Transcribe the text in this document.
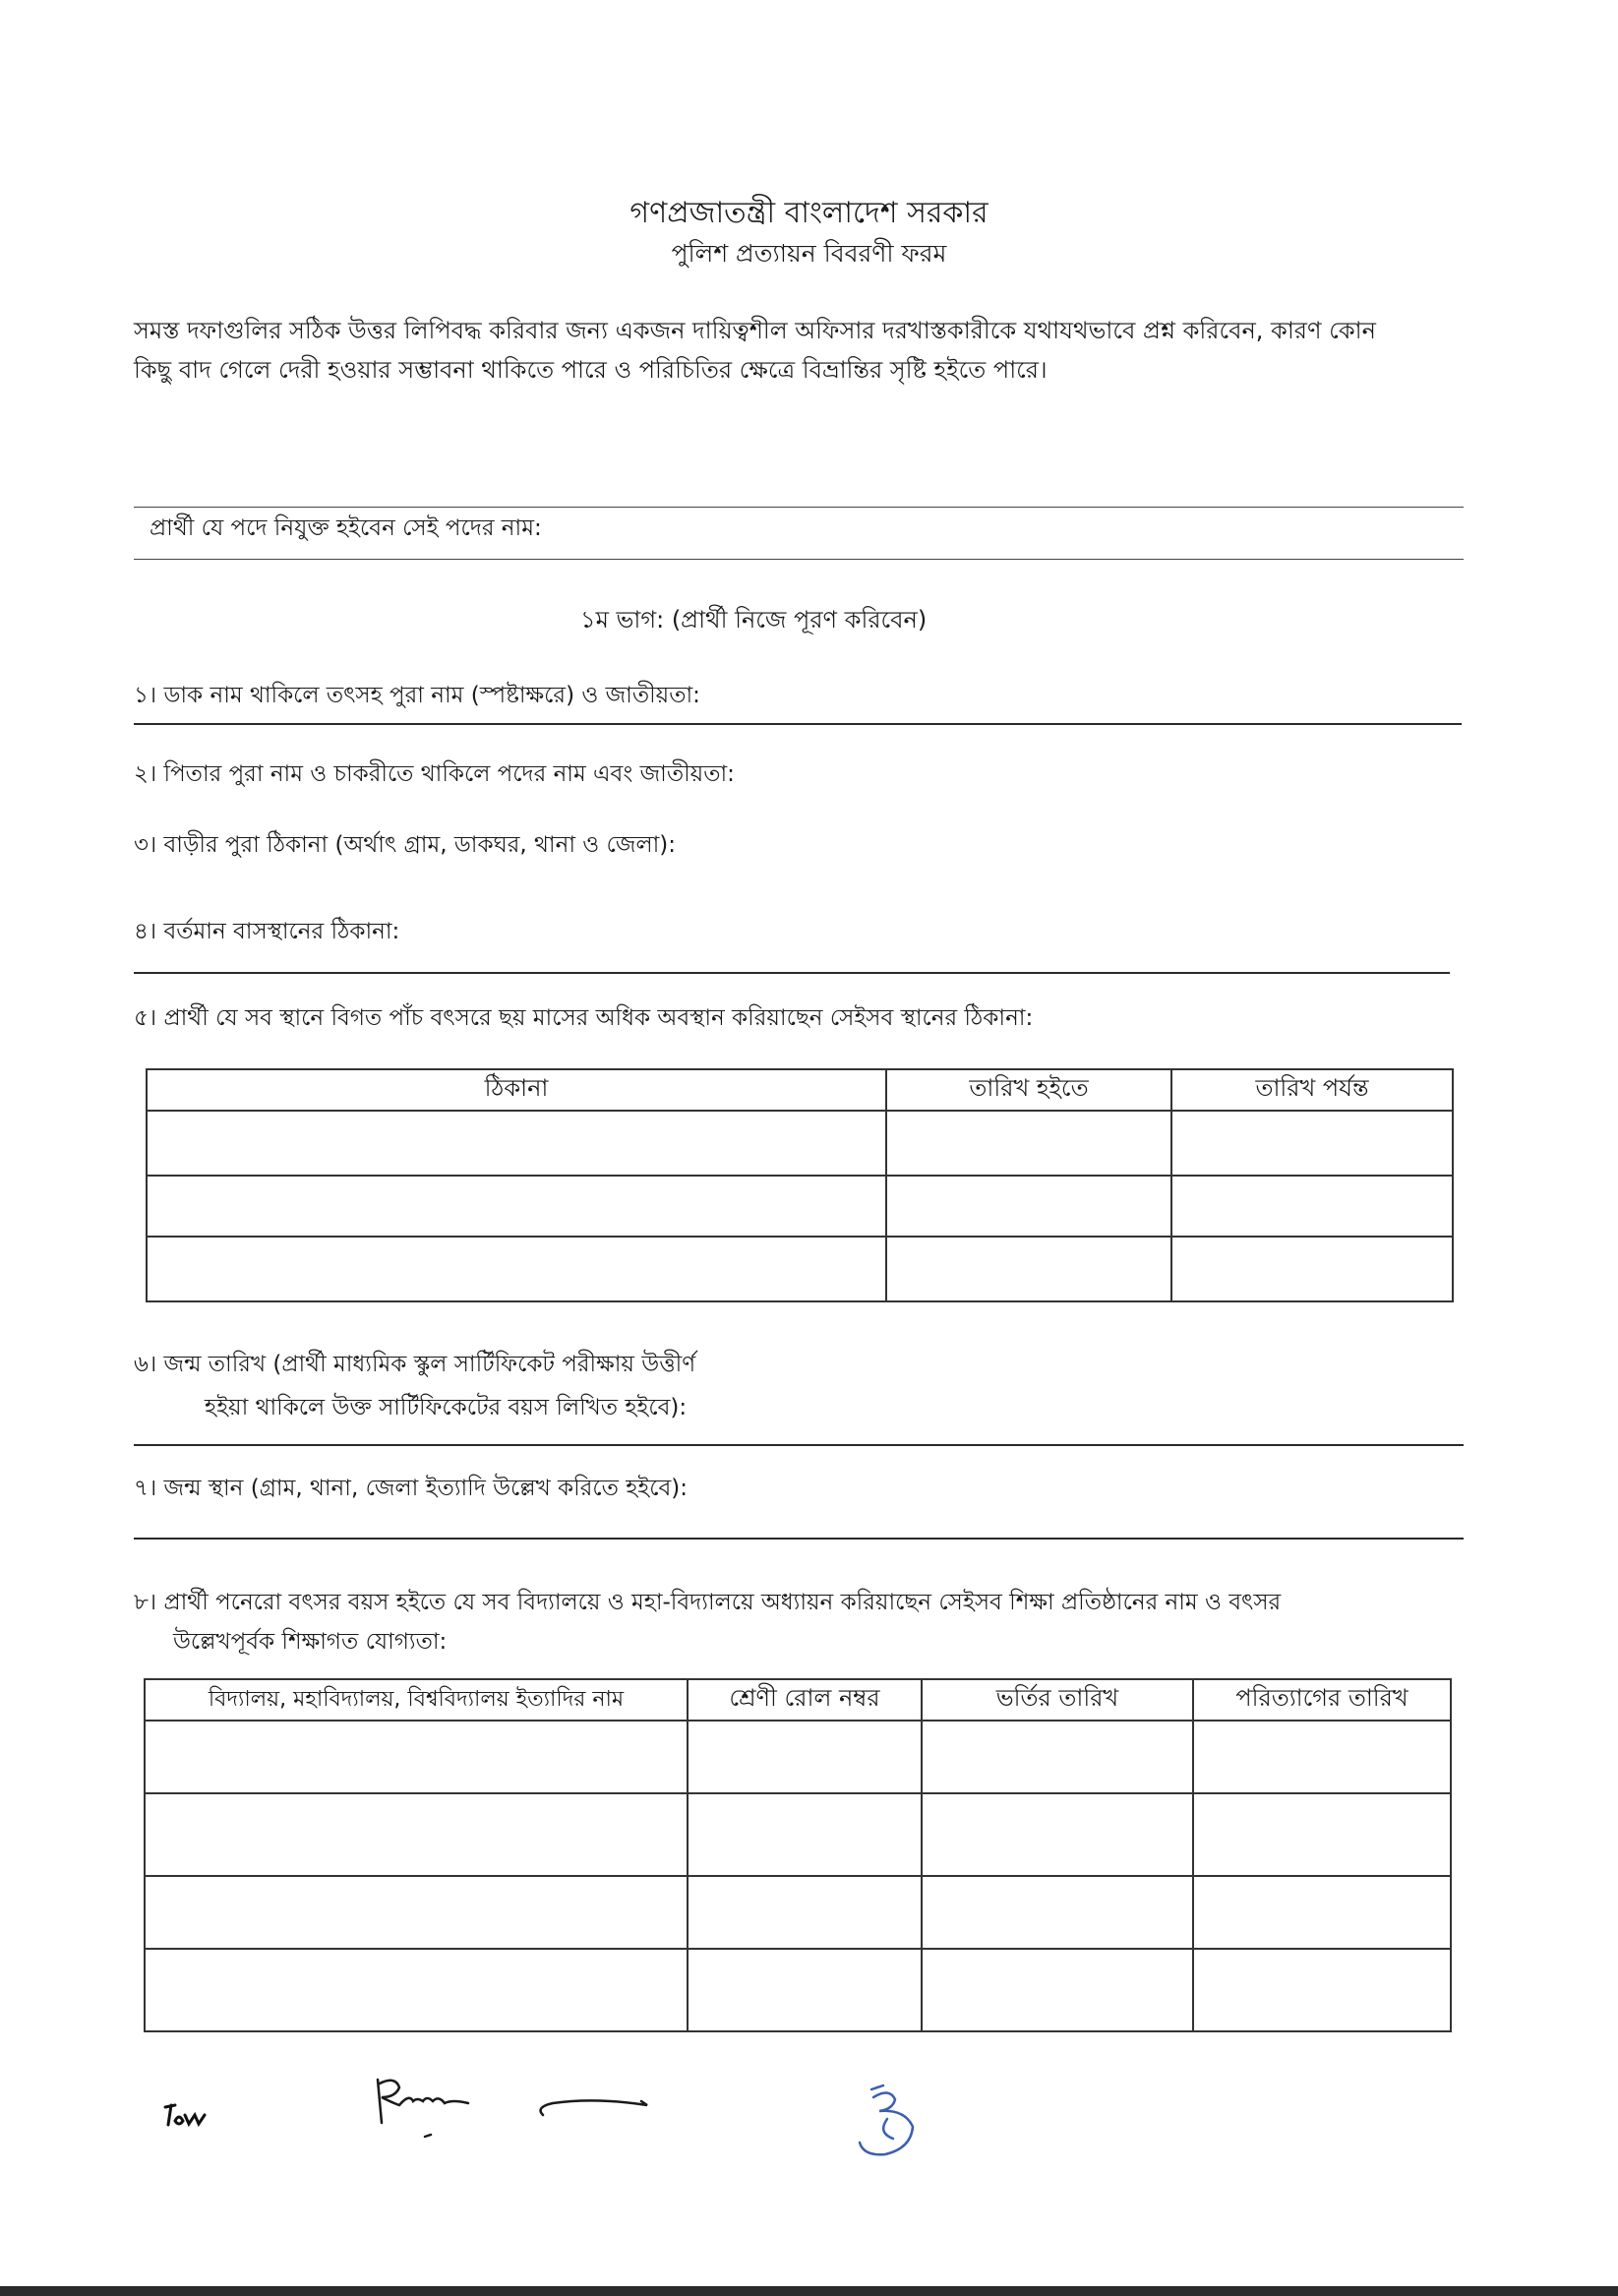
গণপ্রজাতন্ত্রী বাংলাদেশ সরকার
পুলিশ প্রত্যায়ন বিবরণী ফরম
সমস্ত দফাগুলির সঠিক উত্তর লিপিবদ্ধ করিবার জন্য একজন দায়িত্বশীল অফিসার দরখাস্তকারীকে যথাযথভাবে প্রশ্ন করিবেন, কারণ কোন
কিছু বাদ গেলে দেরী হওয়ার সম্ভাবনা থাকিতে পারে ও পরিচিতির ক্ষেত্রে বিভ্রান্তির সৃষ্টি হইতে পারে।
প্রার্থী যে পদে নিযুক্ত হইবেন সেই পদের নাম:
১ম ভাগ: (প্রার্থী নিজে পূরণ করিবেন)
১। ডাক নাম থাকিলে তৎসহ পুরা নাম (স্পষ্টাক্ষরে) ও জাতীয়তা:
২। পিতার পুরা নাম ও চাকরীতে থাকিলে পদের নাম এবং জাতীয়তা:
৩। বাড়ীর পুরা ঠিকানা (অর্থাৎ গ্রাম, ডাকঘর, থানা ও জেলা):
৪। বর্তমান বাসস্থানের ঠিকানা:
৫। প্রার্থী যে সব স্থানে বিগত পাঁচ বৎসরে ছয় মাসের অধিক অবস্থান করিয়াছেন সেইসব স্থানের ঠিকানা:
ঠিকানা	তারিখ হইতে	তারিখ পর্যন্ত

৬। জন্ম তারিখ (প্রার্থী মাধ্যমিক স্কুল সার্টিফিকেট পরীক্ষায় উত্তীর্ণ
হইয়া থাকিলে উক্ত সার্টিফিকেটের বয়স লিখিত হইবে):
৭। জন্ম স্থান (গ্রাম, থানা, জেলা ইত্যাদি উল্লেখ করিতে হইবে):
৮। প্রার্থী পনেরো বৎসর বয়স হইতে যে সব বিদ্যালয়ে ও মহা-বিদ্যালয়ে অধ্যায়ন করিয়াছেন সেইসব শিক্ষা প্রতিষ্ঠানের নাম ও বৎসর
উল্লেখপূর্বক শিক্ষাগত যোগ্যতা:
বিদ্যালয়, মহাবিদ্যালয়, বিশ্ববিদ্যালয় ইত্যাদির নাম	শ্রেণী রোল নম্বর	ভর্তির তারিখ	পরিত্যাগের তারিখ
